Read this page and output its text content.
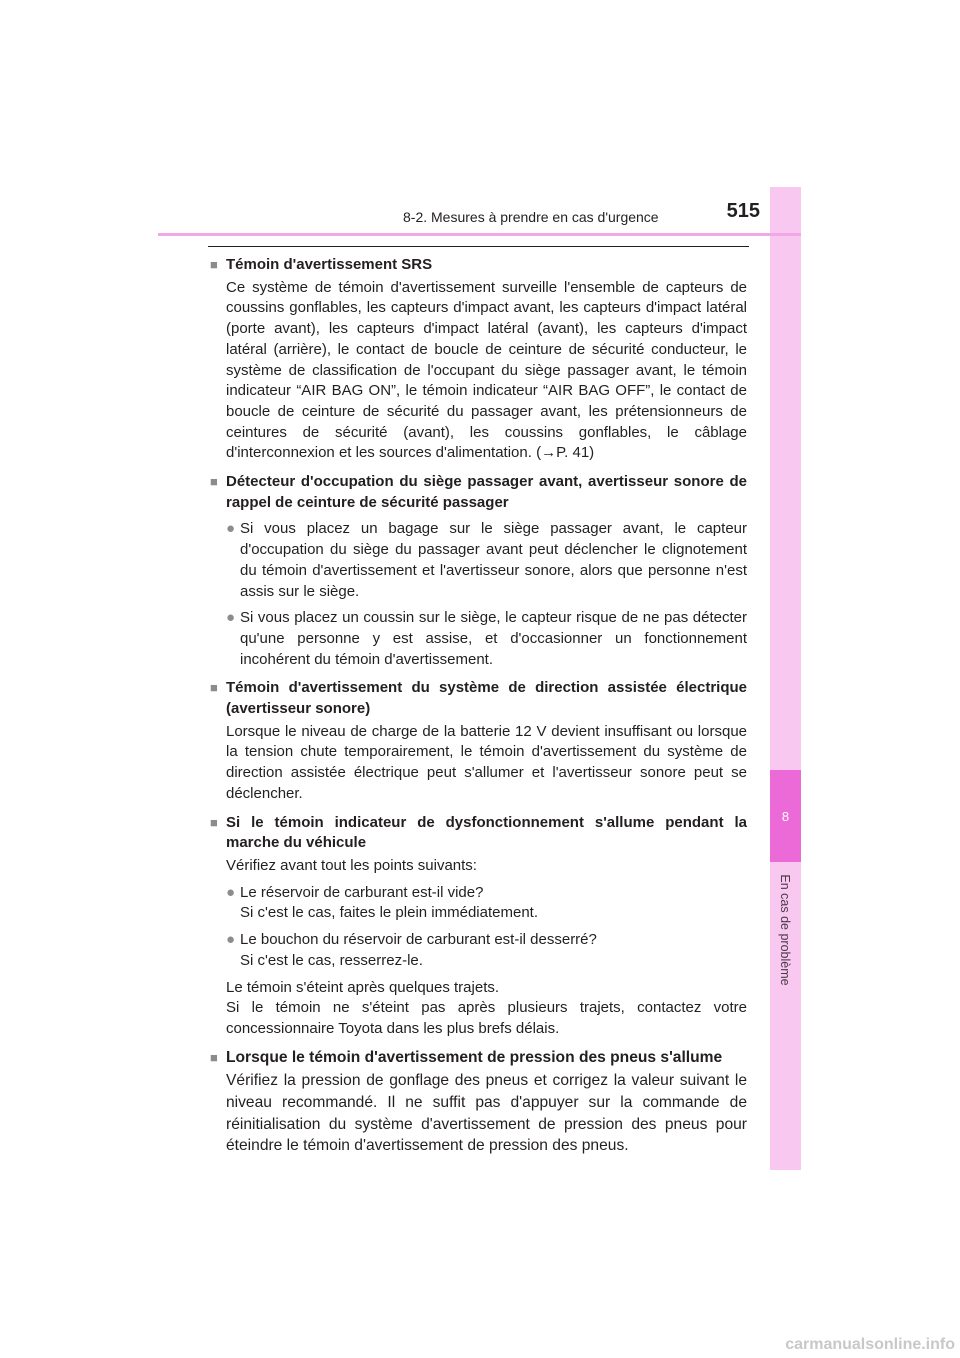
8
En cas de problème
8-2. Mesures à prendre en cas d'urgence	515
■ Témoin d'avertissement SRS
Ce système de témoin d'avertissement surveille l'ensemble de capteurs de coussins gonflables, les capteurs d'impact avant, les capteurs d'impact latéral (porte avant), les capteurs d'impact latéral (avant), les capteurs d'impact latéral (arrière), le contact de boucle de ceinture de sécurité conducteur, le système de classification de l'occupant du siège passager avant, le témoin indicateur “AIR BAG ON”, le témoin indicateur “AIR BAG OFF”, le contact de boucle de ceinture de sécurité du passager avant, les prétensionneurs de ceintures de sécurité (avant), les coussins gonflables, le câblage d'interconnexion et les sources d'alimentation. (→P. 41)
■ Détecteur d'occupation du siège passager avant, avertisseur sonore de rappel de ceinture de sécurité passager
● Si vous placez un bagage sur le siège passager avant, le capteur d'occupation du siège du passager avant peut déclencher le clignotement du témoin d'avertissement et l'avertisseur sonore, alors que personne n'est assis sur le siège.
● Si vous placez un coussin sur le siège, le capteur risque de ne pas détecter qu'une personne y est assise, et d'occasionner un fonctionnement incohérent du témoin d'avertissement.
■ Témoin d'avertissement du système de direction assistée électrique (avertisseur sonore)
Lorsque le niveau de charge de la batterie 12 V devient insuffisant ou lorsque la tension chute temporairement, le témoin d'avertissement du système de direction assistée électrique peut s'allumer et l'avertisseur sonore peut se déclencher.
■ Si le témoin indicateur de dysfonctionnement s'allume pendant la marche du véhicule
Vérifiez avant tout les points suivants:
● Le réservoir de carburant est-il vide?
Si c'est le cas, faites le plein immédiatement.
● Le bouchon du réservoir de carburant est-il desserré?
Si c'est le cas, resserrez-le.
Le témoin s'éteint après quelques trajets.
Si le témoin ne s'éteint pas après plusieurs trajets, contactez votre concessionnaire Toyota dans les plus brefs délais.
■ Lorsque le témoin d'avertissement de pression des pneus s'allume
Vérifiez la pression de gonflage des pneus et corrigez la valeur suivant le niveau recommandé. Il ne suffit pas d'appuyer sur la commande de réinitialisation du système d'avertissement de pression des pneus pour éteindre le témoin d'avertissement de pression des pneus.
carmanualsonline.info
